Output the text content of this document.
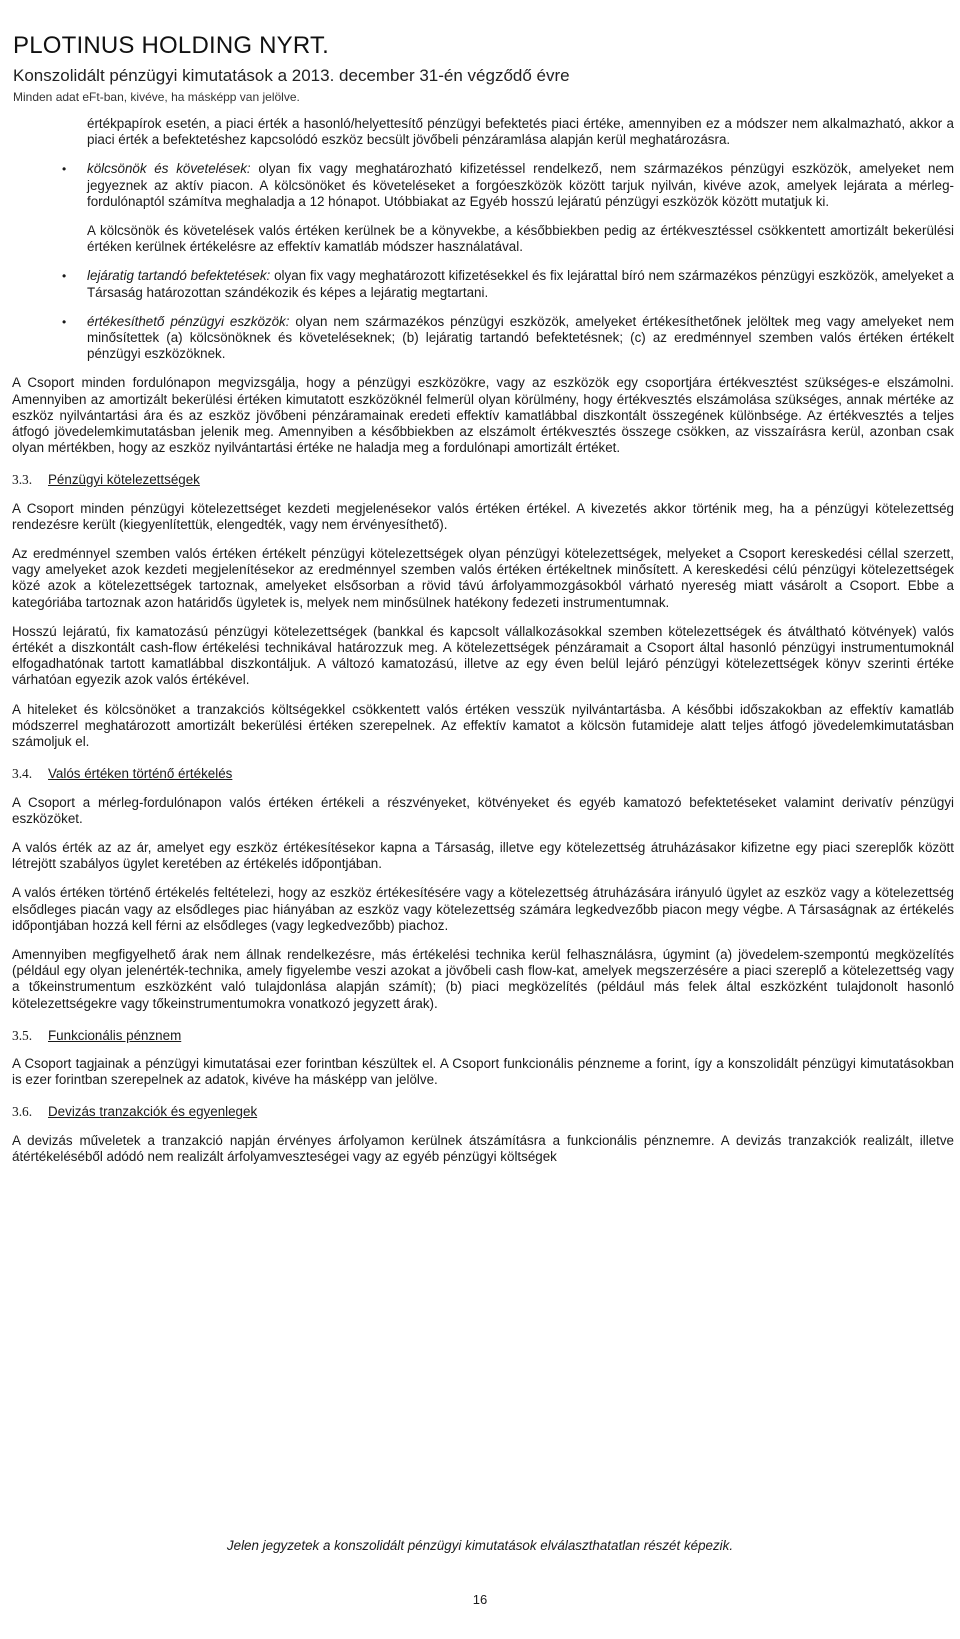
PLOTINUS HOLDING NYRT.
Konszolidált pénzügyi kimutatások a 2013. december 31-én végződő évre
Minden adat eFt-ban, kivéve, ha másképp van jelölve.

értékpapírok esetén, a piaci érték a hasonló/helyettesítő pénzügyi befektetés piaci értéke, amennyiben ez a módszer nem alkalmazható, akkor a piaci érték a befektetéshez kapcsolódó eszköz becsült jövőbeli pénzáramlása alapján kerül meghatározásra.

• kölcsönök és követelések: olyan fix vagy meghatározható kifizetéssel rendelkező, nem származékos pénzügyi eszközök, amelyeket nem jegyeznek az aktív piacon. A kölcsönöket és követeléseket a forgóeszközök között tarjuk nyilván, kivéve azok, amelyek lejárata a mérleg-fordulónaptól számítva meghaladja a 12 hónapot. Utóbbiakat az Egyéb hosszú lejáratú pénzügyi eszközök között mutatjuk ki.

A kölcsönök és követelések valós értéken kerülnek be a könyvekbe, a későbbiekben pedig az értékvesztéssel csökkentett amortizált bekerülési értéken kerülnek értékelésre az effektív kamatláb módszer használatával.

• lejáratig tartandó befektetések: olyan fix vagy meghatározott kifizetésekkel és fix lejárattal bíró nem származékos pénzügyi eszközök, amelyeket a Társaság határozottan szándékozik és képes a lejáratig megtartani.

• értékesíthető pénzügyi eszközök: olyan nem származékos pénzügyi eszközök, amelyeket értékesíthetőnek jelöltek meg vagy amelyeket nem minősítettek (a) kölcsönöknek és követeléseknek; (b) lejáratig tartandó befektetésnek; (c) az eredménnyel szemben valós értéken értékelt pénzügyi eszközöknek.

A Csoport minden fordulónapon megvizsgálja, hogy a pénzügyi eszközökre, vagy az eszközök egy csoportjára értékvesztést szükséges-e elszámolni. Amennyiben az amortizált bekerülési értéken kimutatott eszközöknél felmerül olyan körülmény, hogy értékvesztés elszámolása szükséges, annak mértéke az eszköz nyilvántartási ára és az eszköz jövőbeni pénzáramainak eredeti effektív kamatlábbal diszkontált összegének különbsége. Az értékvesztés a teljes átfogó jövedelemkimutatásban jelenik meg. Amennyiben a későbbiekben az elszámolt értékvesztés összege csökken, az visszaírásra kerül, azonban csak olyan mértékben, hogy az eszköz nyilvántartási értéke ne haladja meg a fordulónapi amortizált értéket.

3.3. Pénzügyi kötelezettségek

A Csoport minden pénzügyi kötelezettséget kezdeti megjelenésekor valós értéken értékel. A kivezetés akkor történik meg, ha a pénzügyi kötelezettség rendezésre került (kiegyenlítettük, elengedték, vagy nem érvényesíthető).

Az eredménnyel szemben valós értéken értékelt pénzügyi kötelezettségek olyan pénzügyi kötelezettségek, melyeket a Csoport kereskedési céllal szerzett, vagy amelyeket azok kezdeti megjelenítésekor az eredménnyel szemben valós értéken értékeltnek minősített. A kereskedési célú pénzügyi kötelezettségek közé azok a kötelezettségek tartoznak, amelyeket elsősorban a rövid távú árfolyammozgásokból várható nyereség miatt vásárolt a Csoport. Ebbe a kategóriába tartoznak azon határidős ügyletek is, melyek nem minősülnek hatékony fedezeti instrumentumnak.

Hosszú lejáratú, fix kamatozású pénzügyi kötelezettségek (bankkal és kapcsolt vállalkozásokkal szemben kötelezettségek és átváltható kötvények) valós értékét a diszkontált cash-flow értékelési technikával határozzuk meg. A kötelezettségek pénzáramait a Csoport által hasonló pénzügyi instrumentumoknál elfogadhatónak tartott kamatlábbal diszkontáljuk. A változó kamatozású, illetve az egy éven belül lejáró pénzügyi kötelezettségek könyv szerinti értéke várhatóan egyezik azok valós értékével.

A hiteleket és kölcsönöket a tranzakciós költségekkel csökkentett valós értéken vesszük nyilvántartásba. A későbbi időszakokban az effektív kamatláb módszerrel meghatározott amortizált bekerülési értéken szerepelnek. Az effektív kamatot a kölcsön futamideje alatt teljes átfogó jövedelemkimutatásban számoljuk el.

3.4. Valós értéken történő értékelés

A Csoport a mérleg-fordulónapon valós értéken értékeli a részvényeket, kötvényeket és egyéb kamatozó befektetéseket valamint derivatív pénzügyi eszközöket.

A valós érték az az ár, amelyet egy eszköz értékesítésekor kapna a Társaság, illetve egy kötelezettség átruházásakor kifizetne egy piaci szereplők között létrejött szabályos ügylet keretében az értékelés időpontjában.

A valós értéken történő értékelés feltételezi, hogy az eszköz értékesítésére vagy a kötelezettség átruházására irányuló ügylet az eszköz vagy a kötelezettség elsődleges piacán vagy az elsődleges piac hiányában az eszköz vagy kötelezettség számára legkedvezőbb piacon megy végbe. A Társaságnak az értékelés időpontjában hozzá kell férni az elsődleges (vagy legkedvezőbb) piachoz.

Amennyiben megfigyelhető árak nem állnak rendelkezésre, más értékelési technika kerül felhasználásra, úgymint (a) jövedelem-szempontú megközelítés (például egy olyan jelenérték-technika, amely figyelembe veszi azokat a jövőbeli cash flow-kat, amelyek megszerzésére a piaci szereplő a kötelezettség vagy a tőkeinstrumentum eszközként való tulajdonlása alapján számít); (b) piaci megközelítés (például más felek által eszközként tulajdonolt hasonló kötelezettségekre vagy tőkeinstrumentumokra vonatkozó jegyzett árak).

3.5. Funkcionális pénznem

A Csoport tagjainak a pénzügyi kimutatásai ezer forintban készültek el. A Csoport funkcionális pénzneme a forint, így a konszolidált pénzügyi kimutatásokban is ezer forintban szerepelnek az adatok, kivéve ha másképp van jelölve.

3.6. Devizás tranzakciók és egyenlegek

A devizás műveletek a tranzakció napján érvényes árfolyamon kerülnek átszámításra a funkcionális pénznemre. A devizás tranzakciók realizált, illetve átértékeléséből adódó nem realizált árfolyamveszteségei vagy az egyéb pénzügyi költségek

Jelen jegyzetek a konszolidált pénzügyi kimutatások elválaszthatatlan részét képezik.
16
